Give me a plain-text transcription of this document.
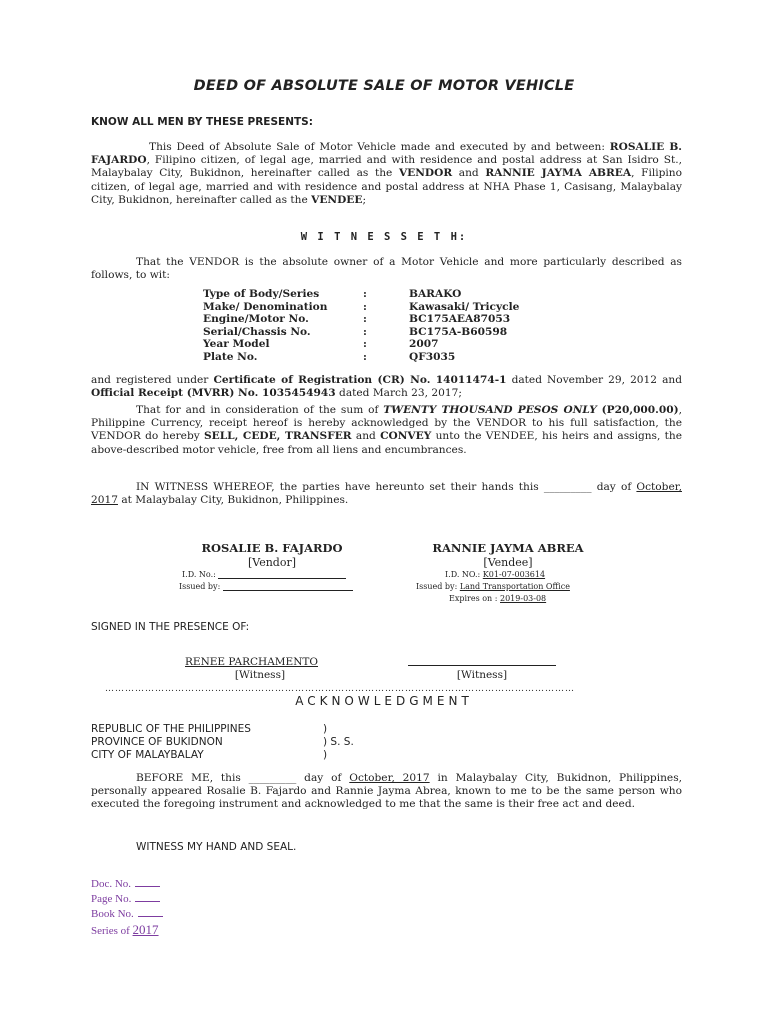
DEED OF ABSOLUTE SALE OF MOTOR VEHICLE
KNOW ALL MEN BY THESE PRESENTS:
This Deed of Absolute Sale of Motor Vehicle made and executed by and between: ROSALIE B. FAJARDO, Filipino citizen, of legal age, married and with residence and postal address at San Isidro St., Malaybalay City, Bukidnon, hereinafter called as the VENDOR and RANNIE JAYMA ABREA, Filipino citizen, of legal age, married and with residence and postal address at NHA Phase 1, Casisang, Malaybalay City, Bukidnon, hereinafter called as the VENDEE;
W I T N E S S E T H:
That the VENDOR is the absolute owner of a Motor Vehicle and more particularly described as follows, to wit:
Type of Body/Series	:	BARAKO
Make/ Denomination	:	Kawasaki/ Tricycle
Engine/Motor No.	:	BC175AEA87053
Serial/Chassis No.	:	BC175A-B60598
Year Model	:	2007
Plate No.	:	QF3035
and registered under Certificate of Registration (CR) No. 14011474-1 dated November 29, 2012 and Official Receipt (MVRR) No. 1035454943 dated March 23, 2017;
That for and in consideration of the sum of TWENTY THOUSAND PESOS ONLY (P20,000.00), Philippine Currency, receipt hereof is hereby acknowledged by the VENDOR to his full satisfaction, the VENDOR do hereby SELL, CEDE, TRANSFER and CONVEY unto the VENDEE, his heirs and assigns, the above-described motor vehicle, free from all liens and encumbrances.
IN WITNESS WHEREOF, the parties have hereunto set their hands this _________ day of October, 2017 at Malaybalay City, Bukidnon, Philippines.
ROSALIE B. FAJARDO
[Vendor]
I.D. No.:
Issued by:
RANNIE JAYMA ABREA
[Vendee]
I.D. NO.: K01-07-003614
Issued by: Land Transportation Office
Expires on : 2019-03-08
SIGNED IN THE PRESENCE OF:
RENEE PARCHAMENTO
[Witness]	[Witness]
……………………………………………………………………………………………………………………………
ACKNOWLEDGMENT
REPUBLIC OF THE PHILIPPINES	)
PROVINCE OF BUKIDNON	) S. S.
CITY OF MALAYBALAY	)
BEFORE ME, this _________ day of October, 2017 in Malaybalay City, Bukidnon, Philippines, personally appeared Rosalie B. Fajardo and Rannie Jayma Abrea, known to me to be the same person who executed the foregoing instrument and acknowledged to me that the same is their free act and deed.
WITNESS MY HAND AND SEAL.
Doc. No.
Page No.
Book No.
Series of 2017
